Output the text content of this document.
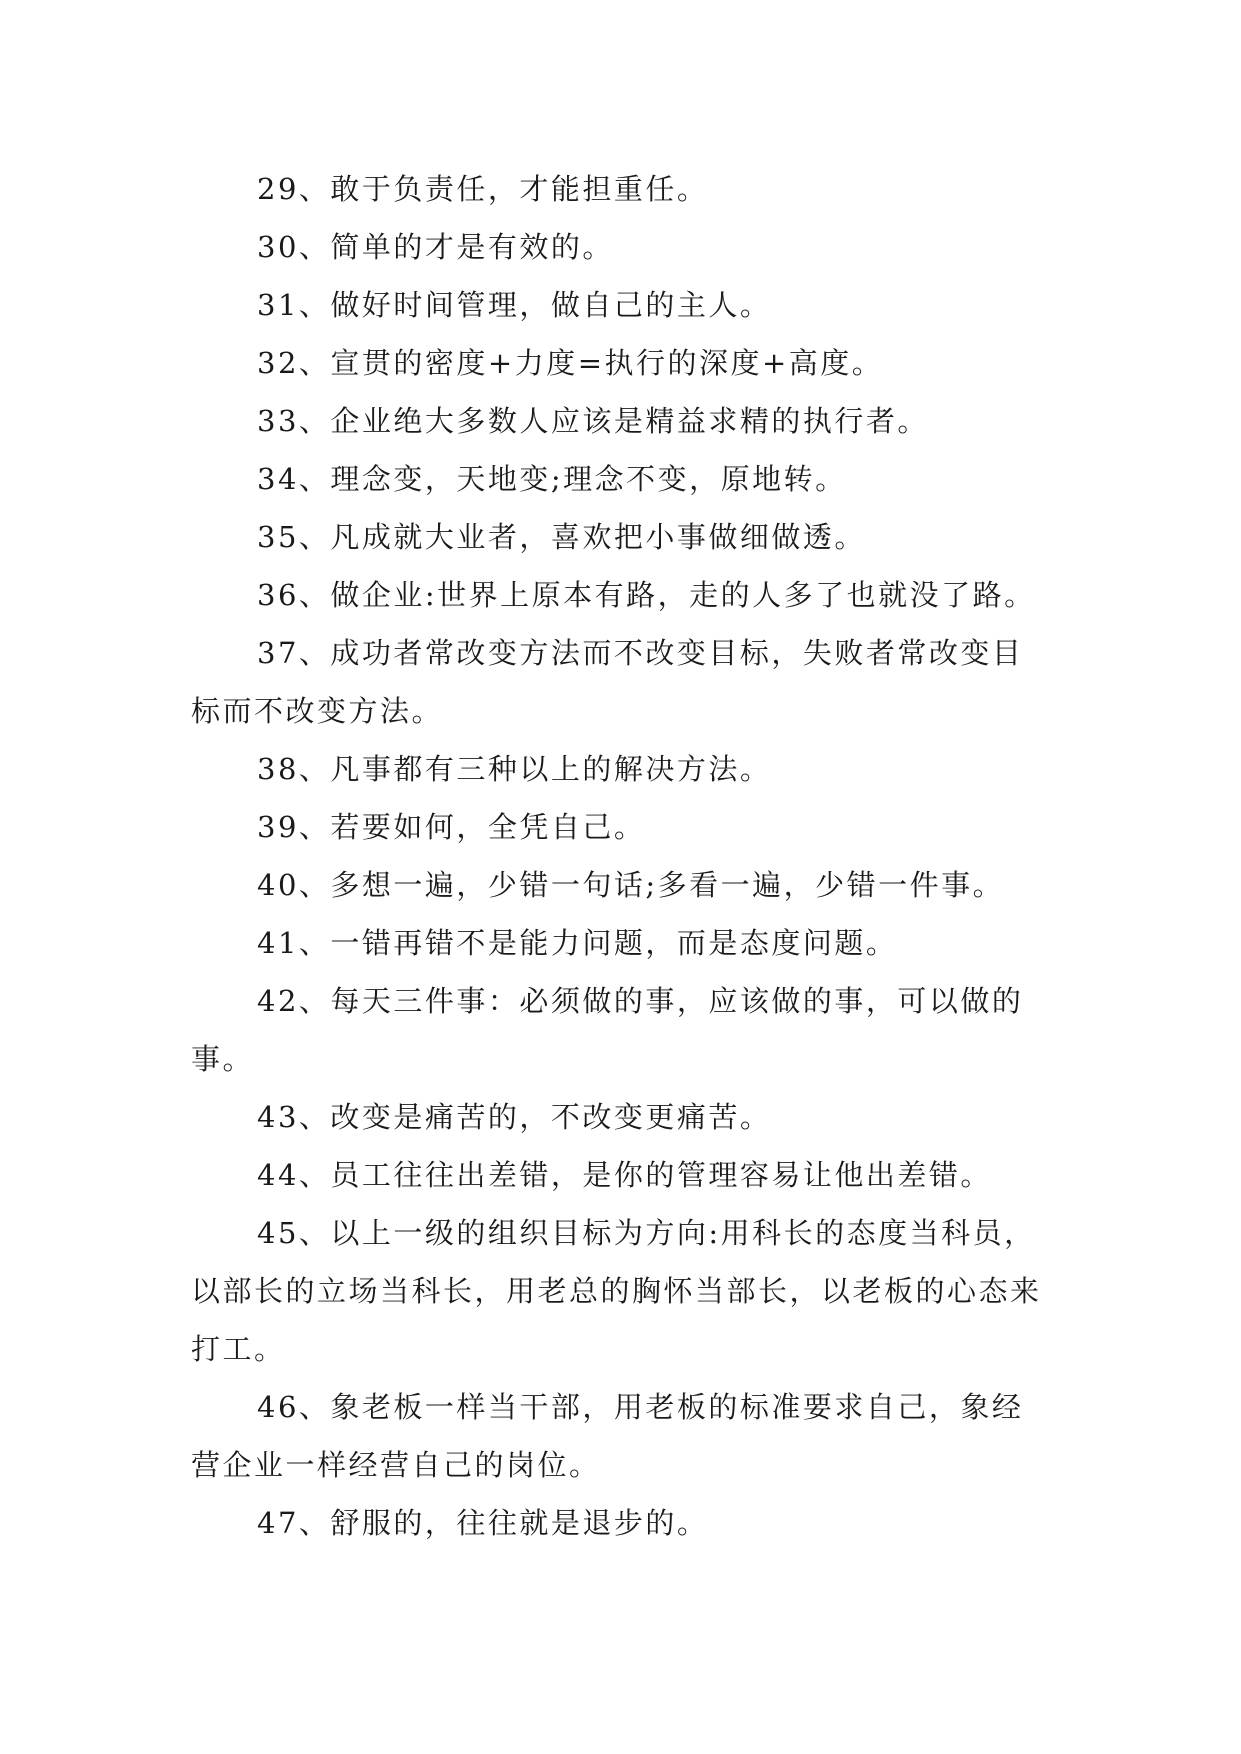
29、敢于负责任，才能担重任。

30、简单的才是有效的。

31、做好时间管理，做自己的主人。

32、宣贯的密度+力度=执行的深度+高度。

33、企业绝大多数人应该是精益求精的执行者。

34、理念变，天地变;理念不变，原地转。

35、凡成就大业者，喜欢把小事做细做透。

36、做企业:世界上原本有路，走的人多了也就没了路。

37、成功者常改变方法而不改变目标，失败者常改变目标而不改变方法。

38、凡事都有三种以上的解决方法。

39、若要如何，全凭自己。

40、多想一遍，少错一句话;多看一遍，少错一件事。

41、一错再错不是能力问题，而是态度问题。

42、每天三件事：必须做的事，应该做的事，可以做的事。

43、改变是痛苦的，不改变更痛苦。

44、员工往往出差错，是你的管理容易让他出差错。

45、以上一级的组织目标为方向:用科长的态度当科员，以部长的立场当科长，用老总的胸怀当部长，以老板的心态来打工。

46、象老板一样当干部，用老板的标准要求自己，象经营企业一样经营自己的岗位。

47、舒服的，往往就是退步的。
